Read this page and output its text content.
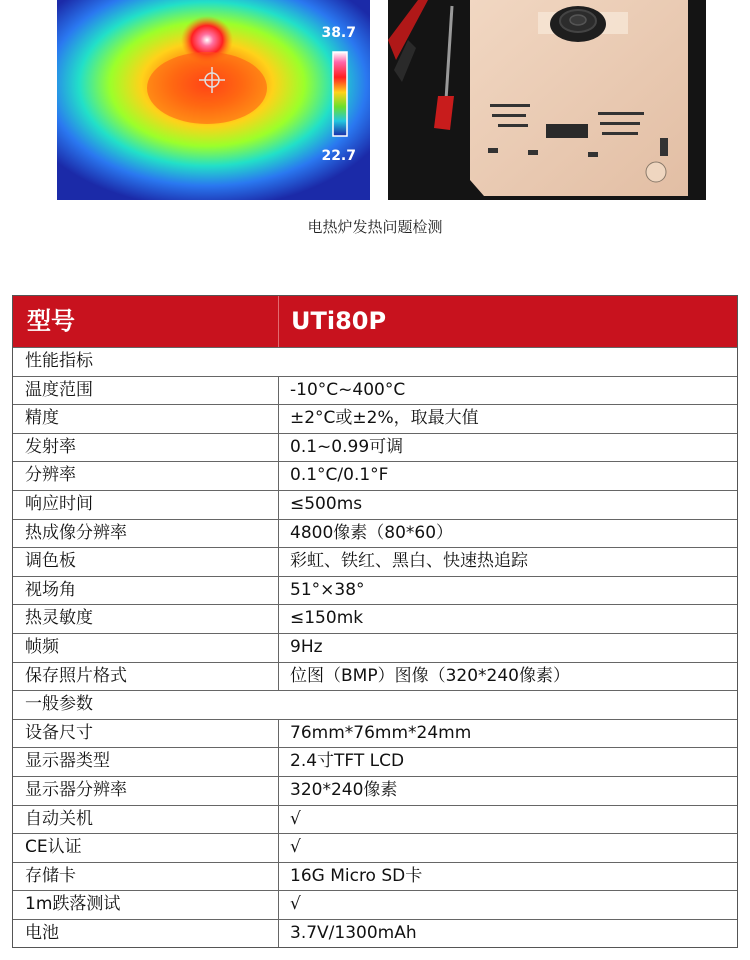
38.7
22.7
电热炉发热问题检测
型号	UTi80P
性能指标
温度范围	-10°C~400°C
精度	±2°C或±2%，取最大值
发射率	0.1~0.99可调
分辨率	0.1°C/0.1°F
响应时间	≤500ms
热成像分辨率	4800像素（80*60）
调色板	彩虹、铁红、黑白、快速热追踪
视场角	51°×38°
热灵敏度	≤150mk
帧频	9Hz
保存照片格式	位图（BMP）图像（320*240像素）
一般参数
设备尺寸	76mm*76mm*24mm
显示器类型	2.4寸TFT LCD
显示器分辨率	320*240像素
自动关机	√
CE认证	√
存储卡	16G Micro SD卡
1m跌落测试	√
电池	3.7V/1300mAh
